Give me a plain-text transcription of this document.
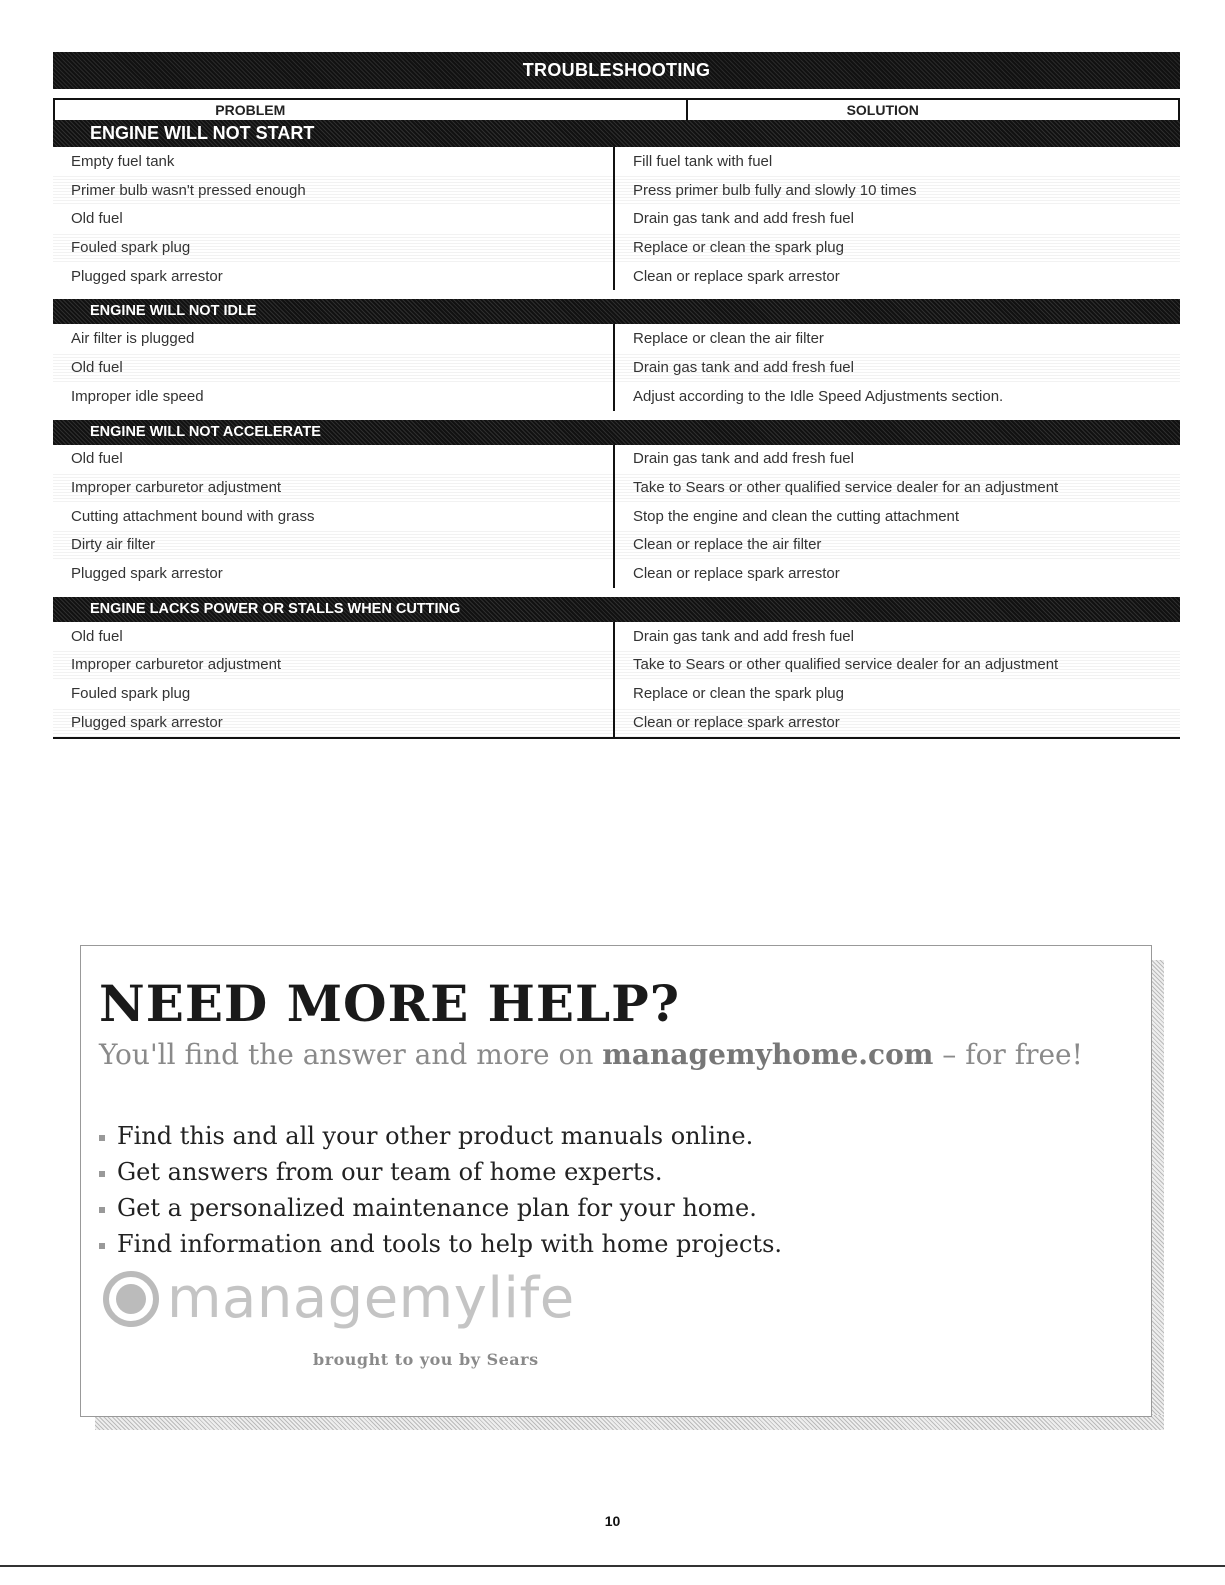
TROUBLESHOOTING
PROBLEM	SOLUTION
ENGINE WILL NOT START
Empty fuel tank	Fill fuel tank with fuel
Primer bulb wasn't pressed enough	Press primer bulb fully and slowly 10 times
Old fuel	Drain gas tank and add fresh fuel
Fouled spark plug	Replace or clean the spark plug
Plugged spark arrestor	Clean or replace spark arrestor
ENGINE WILL NOT IDLE
Air filter is plugged	Replace or clean the air filter
Old fuel	Drain gas tank and add fresh fuel
Improper idle speed	Adjust according to the Idle Speed Adjustments section.
ENGINE WILL NOT ACCELERATE
Old fuel	Drain gas tank and add fresh fuel
Improper carburetor adjustment	Take to Sears or other qualified service dealer for an adjustment
Cutting attachment bound with grass	Stop the engine and clean the cutting attachment
Dirty air filter	Clean or replace the air filter
Plugged spark arrestor	Clean or replace spark arrestor
ENGINE LACKS POWER OR STALLS WHEN CUTTING
Old fuel	Drain gas tank and add fresh fuel
Improper carburetor adjustment	Take to Sears or other qualified service dealer for an adjustment
Fouled spark plug	Replace or clean the spark plug
Plugged spark arrestor	Clean or replace spark arrestor
NEED MORE HELP?
You'll find the answer and more on managemyhome.com – for free!
Find this and all your other product manuals online.
Get answers from our team of home experts.
Get a personalized maintenance plan for your home.
Find information and tools to help with home projects.
managemylife
brought to you by Sears
10
